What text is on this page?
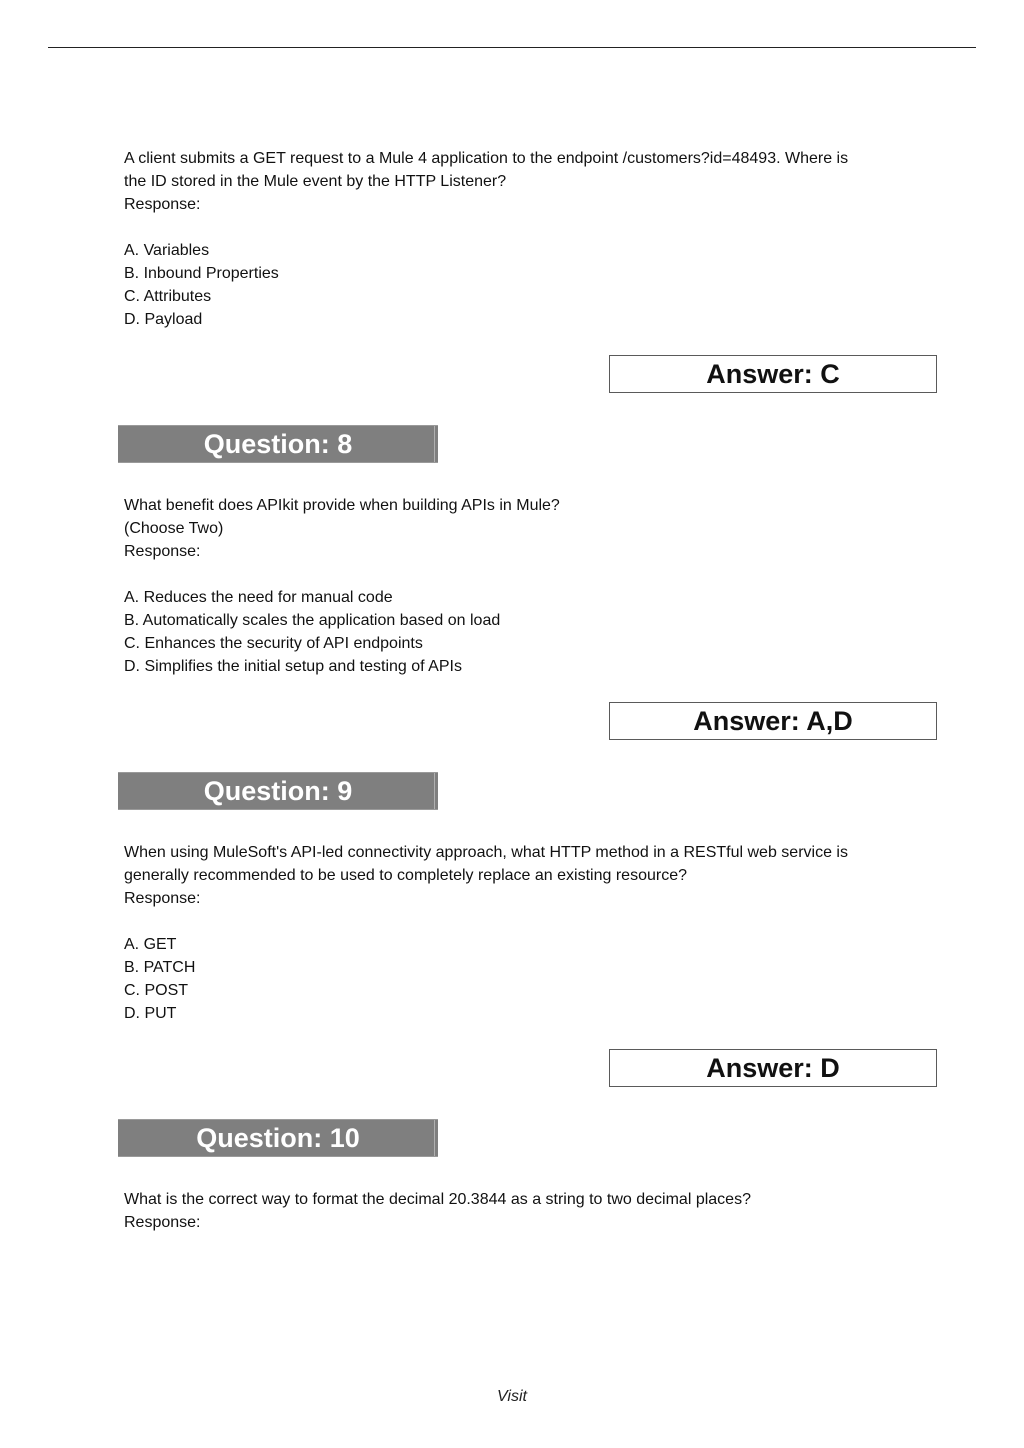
A client submits a GET request to a Mule 4 application to the endpoint /customers?id=48493. Where is

the ID stored in the Mule event by the HTTP Listener?

Response:

A. Variables
B. Inbound Properties
C. Attributes
D. Payload
Answer: C
Question: 8

What benefit does APIkit provide when building APIs in Mule?

(Choose Two)

Response:

A. Reduces the need for manual code
B. Automatically scales the application based on load
C. Enhances the security of API endpoints
D. Simplifies the initial setup and testing of APIs
Answer: A,D
Question: 9

When using MuleSoft's API-led connectivity approach, what HTTP method in a RESTful web service is

generally recommended to be used to completely replace an existing resource?

Response:

A. GET
B. PATCH
C. POST
D. PUT
Answer: D
Question: 10

What is the correct way to format the decimal 20.3844 as a string to two decimal places?

Response:

Visit
